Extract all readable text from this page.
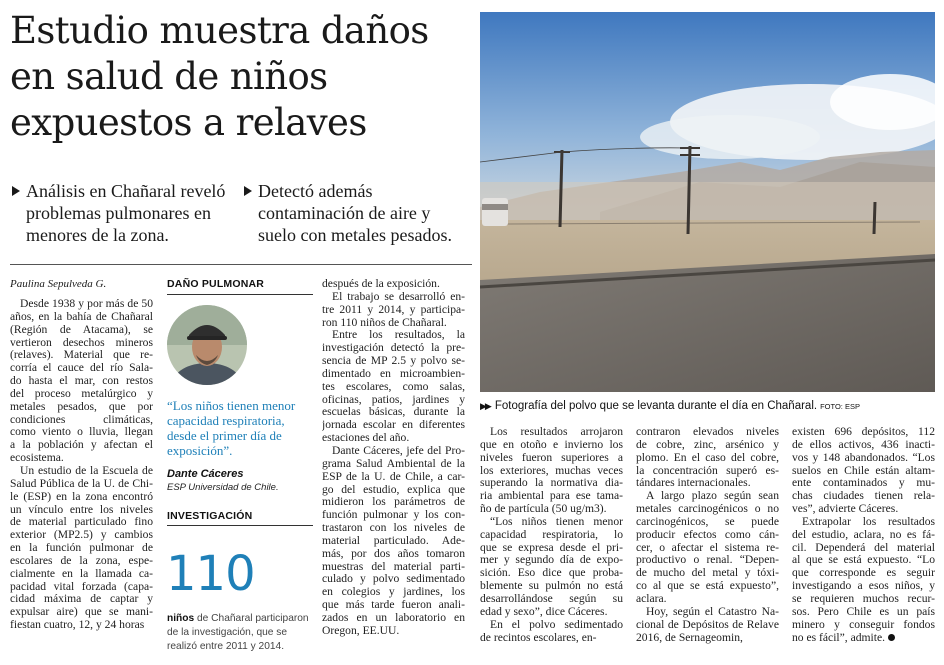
Estudio muestra daños
en salud de niños
expuestos a relaves
Análisis en Chañaral reveló
problemas pulmonares en
menores de la zona.
Detectó además
contaminación de aire y
suelo con metales pesados.
▶▶ Fotografía del polvo que se levanta durante el día en Chañaral. FOTO: ESP
Paulina Sepulveda G.
Desde 1938 y por más de 50
años, en la bahía de Chañaral
(Región de Atacama), se
vertieron desechos mineros
(relaves). Material que re-
corría el cauce del río Sala-
do hasta el mar, con restos
del proceso metalúrgico y
metales pesados, que por
condiciones climáticas,
como viento o lluvia, llegan
a la población y afectan el
ecosistema.
Un estudio de la Escuela de
Salud Pública de la U. de Chi-
le (ESP) en la zona encontró
un vínculo entre los niveles
de material particulado fino
exterior (MP2.5) y cambios
en la función pulmonar de
escolares de la zona, espe-
cialmente en la llamada ca-
pacidad vital forzada (capa-
cidad máxima de captar y
expulsar aire) que se mani-
fiestan cuatro, 12, y 24 horas
DAÑO PULMONAR
“Los niños tienen menor
capacidad respiratoria,
desde el primer día de
exposición”.
Dante Cáceres
ESP Universidad de Chile.
INVESTIGACIÓN
110
niños de Chañaral participaron
de la investigación, que se
realizó entre 2011 y 2014.
después de la exposición.
El trabajo se desarrolló en-
tre 2011 y 2014, y participa-
ron 110 niños de Chañaral.
Entre los resultados, la
investigación detectó la pre-
sencia de MP 2.5 y polvo se-
dimentado en microambien-
tes escolares, como salas,
oficinas, patios, jardines y
escuelas básicas, durante la
jornada escolar en diferentes
estaciones del año.
Dante Cáceres, jefe del Pro-
grama Salud Ambiental de la
ESP de la U. de Chile, a car-
go del estudio, explica que
midieron los parámetros de
función pulmonar y los con-
trastaron con los niveles de
material particulado. Ade-
más, por dos años tomaron
muestras del material parti-
culado y polvo sedimentado
en colegios y jardines, los
que más tarde fueron anali-
zados en un laboratorio en
Oregon, EE.UU.
Los resultados arrojaron
que en otoño e invierno los
niveles fueron superiores a
los exteriores, muchas veces
superando la normativa dia-
ria ambiental para ese tama-
ño de partícula (50 ug/m3).
“Los niños tienen menor
capacidad respiratoria, lo
que se expresa desde el pri-
mer y segundo día de expo-
sición. Eso dice que proba-
blemente su pulmón no está
desarrollándose según su
edad y sexo”, dice Cáceres.
En el polvo sedimentado
de recintos escolares, en-
contraron elevados niveles
de cobre, zinc, arsénico y
plomo. En el caso del cobre,
la concentración superó es-
tándares internacionales.
A largo plazo según sean
metales carcinogénicos o no
carcinogénicos, se puede
producir efectos como cán-
cer, o afectar el sistema re-
productivo o renal. “Depen-
de mucho del metal y tóxi-
co al que se está expuesto”,
aclara.
Hoy, según el Catastro Na-
cional de Depósitos de Relave
2016, de Sernageomin,
existen 696 depósitos, 112
de ellos activos, 436 inacti-
vos y 148 abandonados. “Los
suelos en Chile están altam-
ente contaminados y mu-
chas ciudades tienen rela-
ves”, advierte Cáceres.
Extrapolar los resultados
del estudio, aclara, no es fá-
cil. Dependerá del material
al que se está expuesto. “Lo
que corresponde es seguir
investigando a esos niños, y
se requieren muchos recur-
sos. Pero Chile es un país
minero y conseguir fondos
no es fácil”, admite.
